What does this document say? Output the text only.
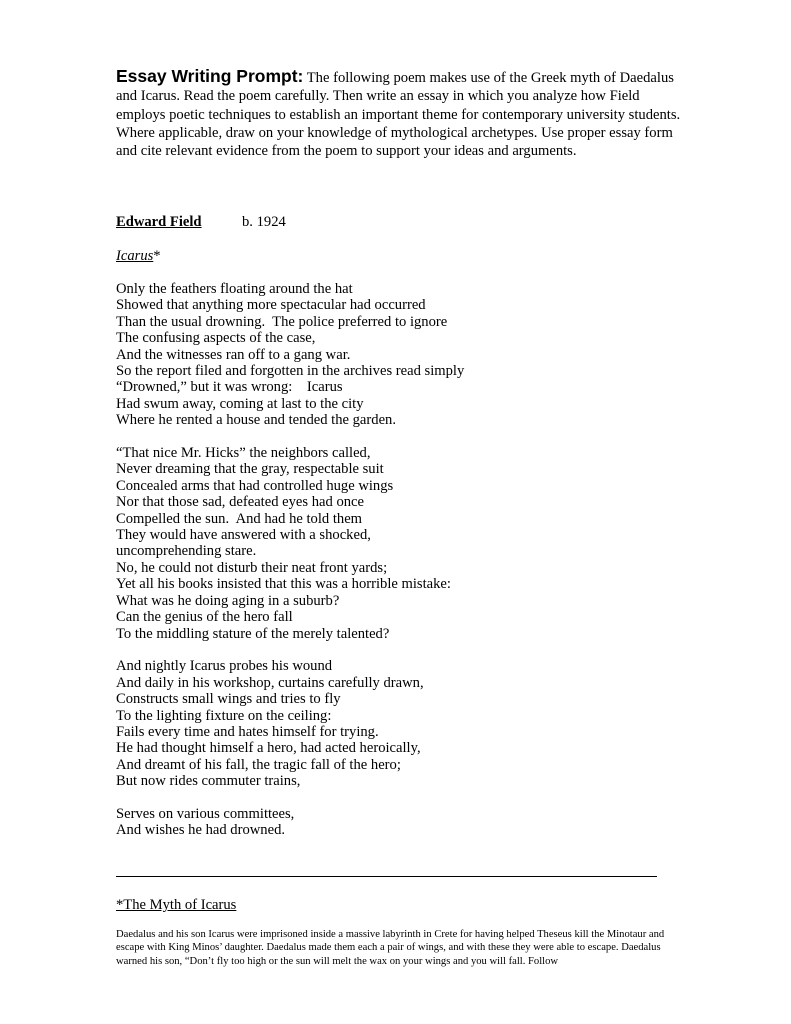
Essay Writing Prompt: The following poem makes use of the Greek myth of Daedalus and Icarus. Read the poem carefully. Then write an essay in which you analyze how Field employs poetic techniques to establish an important theme for contemporary university students. Where applicable, draw on your knowledge of mythological archetypes. Use proper essay form and cite relevant evidence from the poem to support your ideas and arguments.
Edward Field	b. 1924
Icarus*
Only the feathers floating around the hat
Showed that anything more spectacular had occurred
Than the usual drowning.  The police preferred to ignore
The confusing aspects of the case,
And the witnesses ran off to a gang war.
So the report filed and forgotten in the archives read simply
“Drowned,” but it was wrong:    Icarus
Had swum away, coming at last to the city
Where he rented a house and tended the garden.
“That nice Mr. Hicks” the neighbors called,
Never dreaming that the gray, respectable suit
Concealed arms that had controlled huge wings
Nor that those sad, defeated eyes had once
Compelled the sun.  And had he told them
They would have answered with a shocked,
uncomprehending stare.
No, he could not disturb their neat front yards;
Yet all his books insisted that this was a horrible mistake:
What was he doing aging in a suburb?
Can the genius of the hero fall
To the middling stature of the merely talented?
And nightly Icarus probes his wound
And daily in his workshop, curtains carefully drawn,
Constructs small wings and tries to fly
To the lighting fixture on the ceiling:
Fails every time and hates himself for trying.
He had thought himself a hero, had acted heroically,
And dreamt of his fall, the tragic fall of the hero;
But now rides commuter trains,
Serves on various committees,
And wishes he had drowned.
*The Myth of Icarus
Daedalus and his son Icarus were imprisoned inside a massive labyrinth in Crete for having helped Theseus kill the Minotaur and escape with King Minos’ daughter. Daedalus made them each a pair of wings, and with these they were able to escape. Daedalus warned his son, “Don’t fly too high or the sun will melt the wax on your wings and you will fall. Follow
